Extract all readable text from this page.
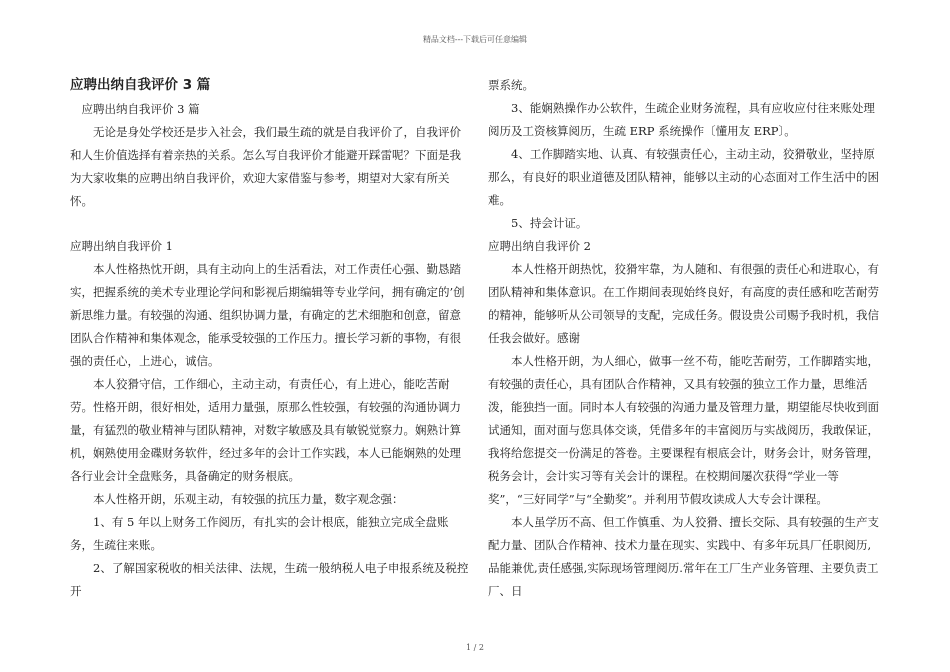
精品文档---下载后可任意编辑

应聘出纳自我评价 3 篇

应聘出纳自我评价 3 篇

无论是身处学校还是步入社会，我们最生疏的就是自我评价了，自我评价和人生价值选择有着亲热的关系。怎么写自我评价才能避开踩雷呢？下面是我为大家收集的应聘出纳自我评价，欢迎大家借鉴与参考，期望对大家有所关怀。

应聘出纳自我评价 1

本人性格热忱开朗，具有主动向上的生活看法，对工作责任心强、勤恳踏实，把握系统的美术专业理论学问和影视后期编辑等专业学问，拥有确定的’创新思维力量。有较强的沟通、组织协调力量，有确定的艺术细胞和创意，留意团队合作精神和集体观念，能承受较强的工作压力。擅长学习新的事物，有很强的责任心，上进心，诚信。

本人狡猾守信，工作细心，主动主动，有责任心，有上进心，能吃苦耐劳。性格开朗，很好相处，适用力量强，原那么性较强，有较强的沟通协调力量，有猛烈的敬业精神与团队精神，对数字敏感及具有敏锐觉察力。娴熟计算机，娴熟使用金碟财务软件，经过多年的会计工作实践，本人已能娴熟的处理各行业会计全盘账务，具备确定的财务根底。

本人性格开朗，乐观主动，有较强的抗压力量，数字观念强：

1、有 5 年以上财务工作阅历，有扎实的会计根底，能独立完成全盘账务，生疏往来账。

2、了解国家税收的相关法律、法规，生疏一般纳税人电子申报系统及税控开

票系统。

3、能娴熟操作办公软件，生疏企业财务流程，具有应收应付往来账处理阅历及工资核算阅历，生疏 ERP 系统操作〔懂用友 ERP〕。

4、工作脚踏实地、认真、有较强责任心，主动主动，狡猾敬业，坚持原那么，有良好的职业道德及团队精神，能够以主动的心态面对工作生活中的困难。

5、持会计证。

应聘出纳自我评价 2

本人性格开朗热忱，狡猾牢靠，为人随和、有很强的责任心和进取心，有团队精神和集体意识。在工作期间表现始终良好，有高度的责任感和吃苦耐劳的精神，能够听从公司领导的支配，完成任务。假设贵公司赐予我时机，我信任我会做好。感谢

本人性格开朗，为人细心，做事一丝不苟，能吃苦耐劳，工作脚踏实地，有较强的责任心，具有团队合作精神，又具有较强的独立工作力量，思维活泼，能独挡一面。同时本人有较强的沟通力量及管理力量，期望能尽快收到面试通知，面对面与您具体交谈，凭借多年的丰富阅历与实战阅历，我敢保证，我将给您提交一份满足的答卷。主要课程有根底会计，财务会计，财务管理，税务会计，会计实习等有关会计的课程。在校期间屡次获得“学业一等奖”，“三好同学”与“全勤奖”。并利用节假攻读成人大专会计课程。

本人虽学历不高、但工作慎重、为人狡猾、擅长交际、具有较强的生产支配力量、团队合作精神、技术力量在现实、实践中、有多年玩具厂任职阅历,品能兼优,责任感强,实际现场管理阅历.常年在工厂生产业务管理、主要负责工厂、日

1 / 2
